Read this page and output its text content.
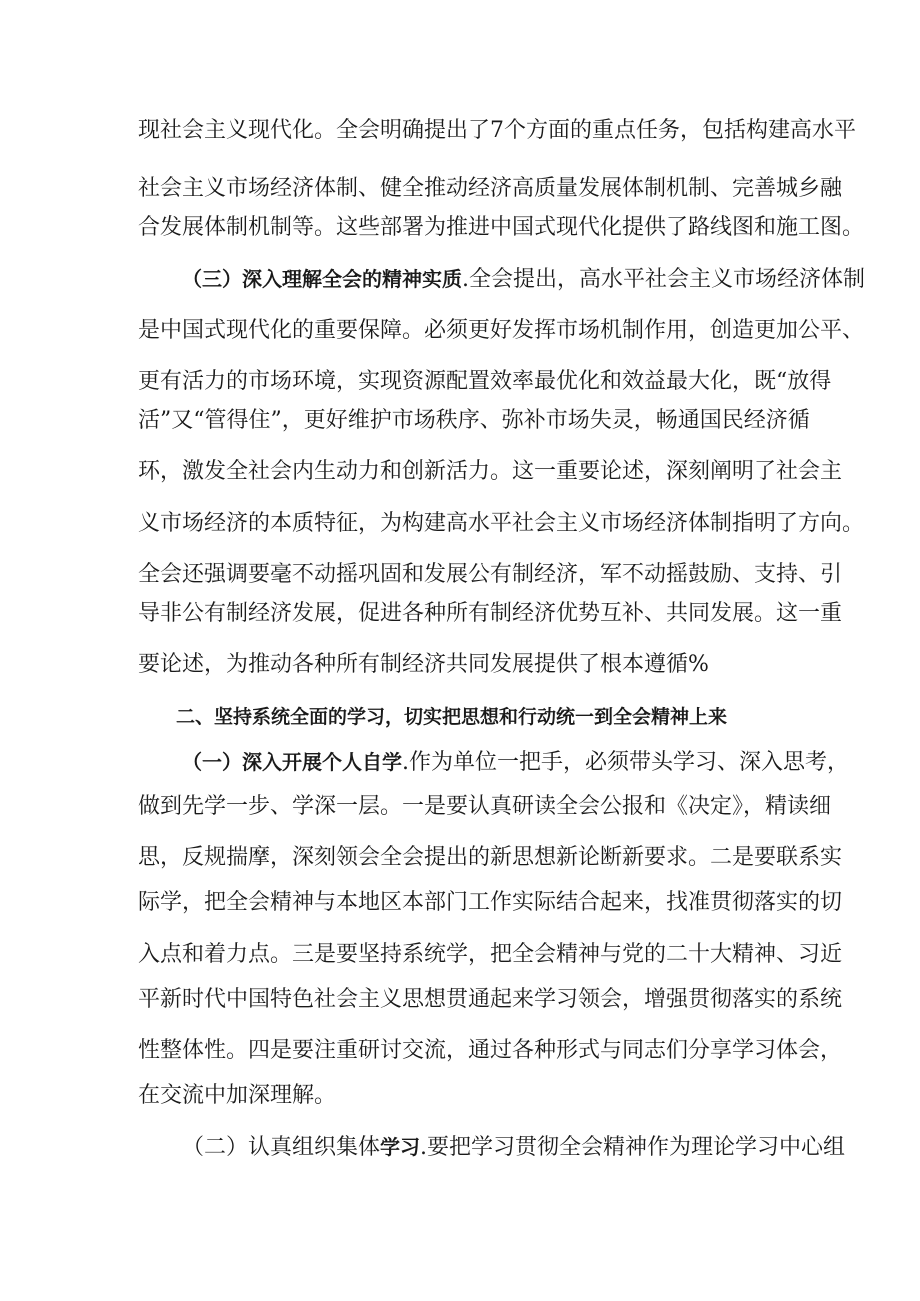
现社会主义现代化。全会明确提出了7个方面的重点任务，包括构建高水平
社会主义市场经济体制、健全推动经济高质量发展体制机制、完善城乡融
合发展体制机制等。这些部署为推进中国式现代化提供了路线图和施工图。
（三）深入理解全会的精神实质.全会提出，高水平社会主义市场经济体制
是中国式现代化的重要保障。必须更好发挥市场机制作用，创造更加公平、
更有活力的市场环境，实现资源配置效率最优化和效益最大化，既“放得
活”又“管得住”，更好维护市场秩序、弥补市场失灵，畅通国民经济循
环，激发全社会内生动力和创新活力。这一重要论述，深刻阐明了社会主
义市场经济的本质特征，为构建高水平社会主义市场经济体制指明了方向。
全会还强调要毫不动摇巩固和发展公有制经济，军不动摇鼓励、支持、引
导非公有制经济发展，促进各种所有制经济优势互补、共同发展。这一重
要论述，为推动各种所有制经济共同发展提供了根本遵循%
二、坚持系统全面的学习，切实把思想和行动统一到全会精神上来
（一）深入开展个人自学.作为单位一把手，必须带头学习、深入思考，
做到先学一步、学深一层。一是要认真研读全会公报和《决定》，精读细
思，反规揣摩，深刻领会全会提出的新思想新论断新要求。二是要联系实
际学，把全会精神与本地区本部门工作实际结合起来，找准贯彻落实的切
入点和着力点。三是要坚持系统学，把全会精神与党的二十大精神、习近
平新时代中国特色社会主义思想贯通起来学习领会，增强贯彻落实的系统
性整体性。四是要注重研讨交流，通过各种形式与同志们分享学习体会，
在交流中加深理解。
（二）认真组织集体学习.要把学习贯彻全会精神作为理论学习中心组
